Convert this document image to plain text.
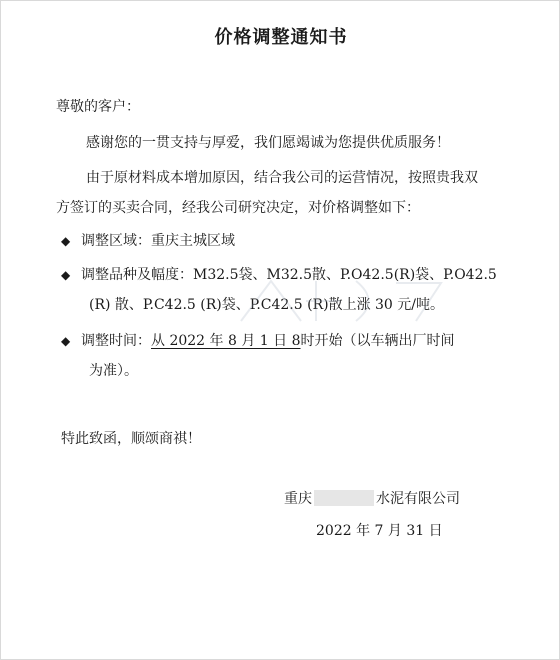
价格调整通知书
尊敬的客户：
感谢您的一贯支持与厚爱，我们愿竭诚为您提供优质服务！
由于原材料成本增加原因，结合我公司的运营情况，按照贵我双
方签订的买卖合同，经我公司研究决定，对价格调整如下：
◆ 调整区域：重庆主城区域
◆ 调整品种及幅度：M32.5袋、M32.5散、P.O42.5(R)袋、P.O42.5
(R) 散、P.C42.5 (R)袋、P.C42.5 (R)散上涨 30 元/吨。
◆ 调整时间：从 2022 年 8 月 1 日 8时开始（以车辆出厂时间
为准）。
特此致函，顺颂商祺！
重庆	水泥有限公司
2022 年 7 月 31 日
